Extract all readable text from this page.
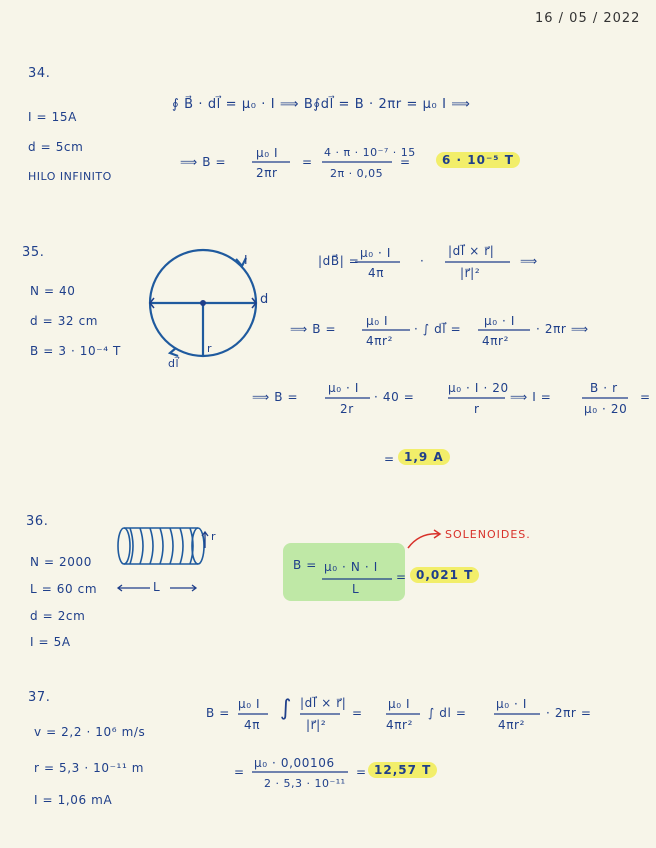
16 / 05 / 2022
34.
I = 15A
d = 5cm
HILO INFINITO
∮ B⃗ · dl⃗ = μ₀ · I ⟹ B∮dl⃗ = B · 2πr = μ₀ I ⟹
⟹ B =
μ₀ I
2πr
=
4 · π · 10⁻⁷ · 15
2π · 0,05
=	6 · 10⁻⁵ T
35.
N = 40
d = 32 cm
B = 3 · 10⁻⁴ T
I
d
r
dl⃗
|dB⃗| =
μ₀ · I
4π
·
|dl⃗ × r⃗|
|r⃗|²
⟹
⟹ B =
μ₀ I
4πr²
· ∫ dl⃗ =
μ₀ · I
4πr²
· 2πr ⟹
⟹ B =
μ₀ · I
2r
· 40 =
μ₀ · I · 20
r
⟹ I =
B · r
μ₀ · 20
=
= 1,9 A
36.
N = 2000
L = 60 cm
d = 2cm
I = 5A
r
L
SOLENOIDES.
B = μ₀ · N · I
L
= 0,021 T
37.
v = 2,2 · 10⁶ m/s
r = 5,3 · 10⁻¹¹ m
I = 1,06 mA
B =
μ₀ I
4π
∫ |dl⃗ × r⃗|
|r⃗|²
=
μ₀ I
4πr²
∫ dl =
μ₀ · I
4πr²
· 2πr =
=
μ₀ · 0,00106
2 · 5,3 · 10⁻¹¹
= 12,57 T
